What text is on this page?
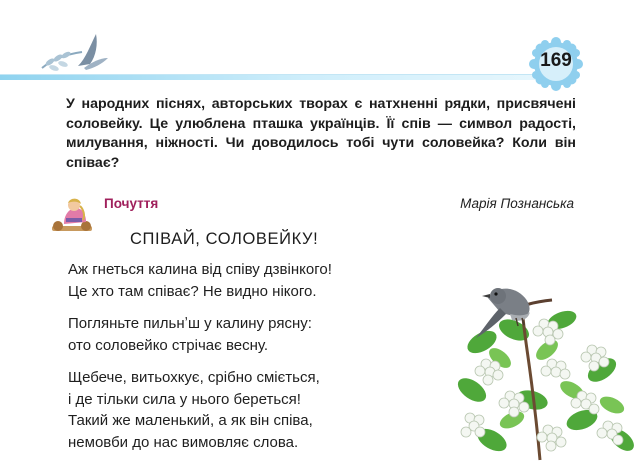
169

У народних піснях, авторських творах є натхненні рядки, присвячені соловейку. Це улюблена пташка українців. Її спів — символ радості, милування, ніжності. Чи доводилось тобі чути соловейка? Коли він співає?

Почуття	Марія Познанська
СПІВАЙ, СОЛОВЕЙКУ!
Аж гнеться калина від співу дзвінкого!
Це хто там співає? Не видно нікого.
Погляньте пильнʼш у калину рясну:
ото соловейко стрічає весну.
Щебече, витьохкує, срібно сміється,
і де тільки сила у нього береться!
Такий же маленький, а як він співа,
немовби до нас вимовляє слова.
